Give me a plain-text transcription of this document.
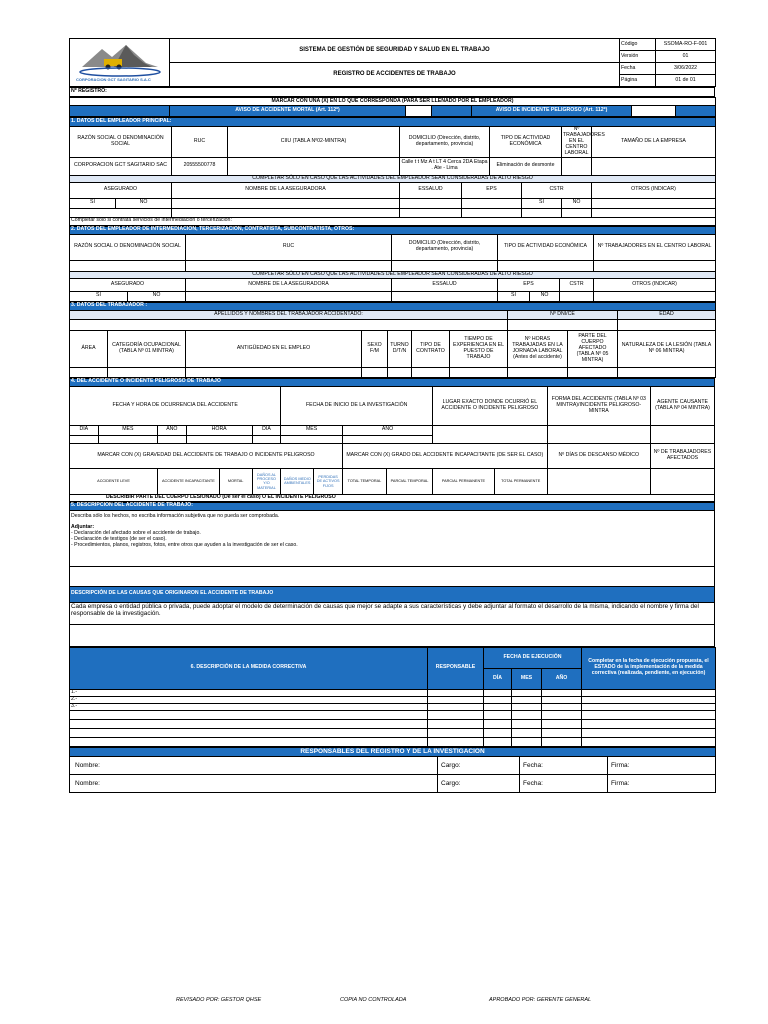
CORPORACION GCT SAGITARIO S.A.C	SISTEMA DE GESTIÓN DE SEGURIDAD Y SALUD EN EL TRABAJO	Código	SSOMA-RO-F-001
		Versión	01
	REGISTRO DE ACCIDENTES DE TRABAJO	Fecha	3/06/2022
		Página	01 de 01
Nº REGISTRO:
MARCAR CON UNA (X) EN LO QUE CORRESPONDA (PARA SER LLENADO POR EL EMPLEADOR)
	AVISO DE ACCIDENTE MORTAL (Art. 112º)			AVISO DE INCIDENTE PELIGROSO (Art. 112º)		
1. DATOS DEL EMPLEADOR PRINCIPAL:									
RAZÓN SOCIAL O DENOMINACIÓN SOCIAL		RUC	CIIU (TABLA Nº02-MINTRA)	DOMICILIO (Dirección, distrito, departamento, provincia)		TIPO DE ACTIVIDAD ECONÓMICA		Nº TRABAJADORES EN EL CENTRO LABORAL	TAMAÑO DE LA EMPRESA
CORPORACION GCT SAGITARIO SAC		20555500778		Calle t t Mz A t LT 4 Cerca 2DA Etapa . Ate - Lima		Eliminación de desmonte			
COMPLETAR SÓLO EN CASO QUE LAS ACTIVIDADES DEL EMPLEADOR SEAN CONSIDERADAS DE ALTO RIESGO									
ASEGURADO		NOMBRE DE LA ASEGURADORA		ESSALUD	EPS		CSTR		OTROS (INDICAR)
SI	NO						SI	NO	

Completar sólo si contrata servicios de intermediación o tercerización:									
2. DATOS DEL EMPLEADOR DE INTERMEDIACION, TERCERIZACION, CONTRATISTA, SUBCONTRATISTA, OTROS:							
RAZÓN SOCIAL O DENOMINACIÓN SOCIAL		RUC	DOMICILIO (Dirección, distrito, departamento, provincia)	TIPO DE ACTIVIDAD ECONÓMICA			Nº TRABAJADORES EN EL CENTRO LABORAL

COMPLETAR SÓLO EN CASO QUE LAS ACTIVIDADES DEL EMPLEADOR SEAN CONSIDERADAS DE ALTO RIESGO							
ASEGURADO		NOMBRE DE LA ASEGURADORA	ESSALUD	EPS		CSTR	OTROS (INDICAR)
SI	NO			SI	NO		
3. DATOS DEL TRABAJADOR :									
APELLIDOS Y NOMBRES DEL TRABAJADOR ACCIDENTADO:							Nº DNI/CE		EDAD

ÁREA	CATEGORÍA OCUPACIONAL (TABLA Nº 01 MINTRA)	ANTIGÜEDAD EN EL EMPLEO	SEXO F/M	TURNO D/T/N	TIPO DE CONTRATO	TIEMPO DE EXPERIENCIA EN EL PUESTO DE TRABAJO	Nº HORAS TRABAJADAS EN LA JORNADA LABORAL (Antes del accidente)	PARTE DEL CUERPO AFECTADO (TABLA Nº 05 MINTRA)	NATURALEZA DE LA LESIÓN (TABLA Nº 06 MINTRA)

4. DEL ACCIDENTE O INCIDENTE PELIGROSO DE TRABAJO													
FECHA Y HORA DE OCURRENCIA DEL ACCIDENTE						FECHA DE INICIO DE LA INVESTIGACIÓN				LUGAR EXACTO DONDE OCURRIÓ EL ACCIDENTE O INCIDENTE PELIGROSO		FORMA DEL ACCIDENTE (TABLA Nº 03 MINTRA)/INCIDENTE PELIGROSO-MINTRA	AGENTE CAUSANTE (TABLA Nº 04 MINTRA)
DÍA	MES	AÑO	HORA		DÍA	MES		AÑO					

MARCAR CON (X) GRAVEDAD DEL ACCIDENTE DE TRABAJO O INCIDENTE PELIGROSO								MARCAR CON (X) GRADO DEL ACCIDENTE INCAPACITANTE (DE SER EL CASO)				Nº DÍAS DE DESCANSO MÉDICO	Nº DE TRABAJADORES AFECTADOS
ACCIDENTE LEVE		ACCIDENTE INCAPACITANTE		MORTAL	DAÑOS AL PROCESO Y/O MATERIAL	DAÑOS MEDIO AMBIENTALES	PERDIDAS DE ACTIVOS FIJOS	TOTAL TEMPORAL	PARCIAL TEMPORAL	PARCIAL PERMANENTE	TOTAL PERMANENTE		
DESCRIBIR PARTE DEL CUERPO LESIONADO (De ser el caso) O EL INCIDENTE PELIGROSO													
5. DESCRIPCION DEL ACCIDENTE DE TRABAJO:

Describa sólo los hechos, no escriba información subjetiva que no pueda ser comprobada.
Adjuntar:
- Declaración del afectado sobre el accidente de trabajo.
- Declaración de testigos (de ser el caso).
- Procedimientos, planos, registros, fotos, entre otros que ayuden a la investigación de ser el caso.

DESCRIPCIÓN DE LAS CAUSAS QUE ORIGINARON EL ACCIDENTE DE TRABAJO
Cada empresa o entidad pública o privada, puede adoptar el modelo de determinación de causas que mejor se adapte a sus características y debe adjuntar al formato el desarrollo de la misma, indicando el nombre y firma del responsable de la investigación.

6. DESCRIPCIÓN DE LA MEDIDA CORRECTIVA	RESPONSABLE	FECHA DE EJECUCIÓN			Completar en la fecha de ejecución propuesta, el ESTADO de la implementación de la medida correctiva (realizada, pendiente, en ejecución)
		DÍA	MES	AÑO	
1.-					
2.-					
3.-					

RESPONSABLES DEL REGISTRO Y DE LA INVESTIGACION			
Nombre:	Cargo:	Fecha:	Firma:
Nombre:	Cargo:	Fecha:	Firma:
REVISADO POR: GESTOR QHSE	COPIA NO CONTROLADA	APROBADO POR: GERENTE GENERAL
